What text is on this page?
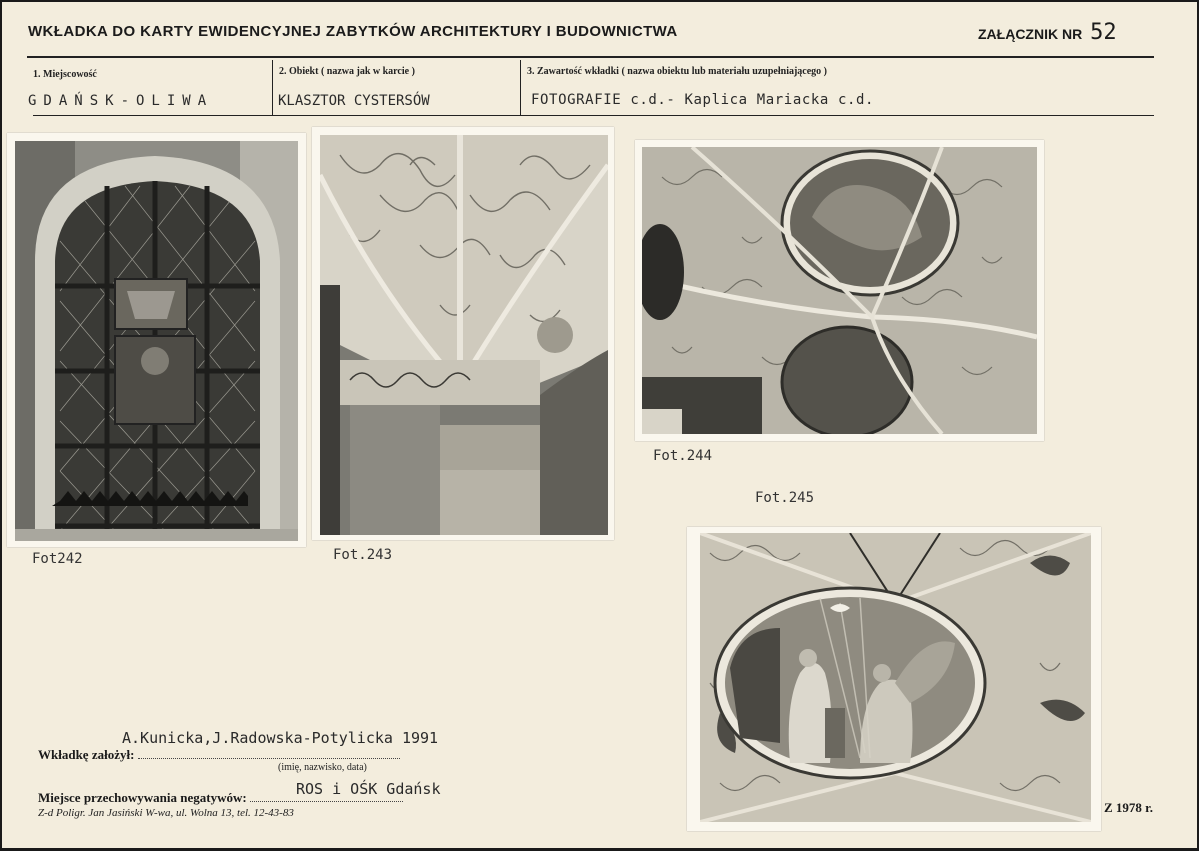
WKŁADKA DO KARTY EWIDENCYJNEJ ZABYTKÓW ARCHITEKTURY I BUDOWNICTWA	ZAŁĄCZNIK NR 52
1. Miejscowość	2. Obiekt ( nazwa jak w karcie )	3. Zawartość wkładki ( nazwa obiektu lub materiału uzupełniającego )
GDAŃSK-OLIWA	KLASZTOR CYSTERSÓW	FOTOGRAFIE c.d.- Kaplica Mariacka c.d.
Fot242	Fot.243
Fot.244
Fot.245
A.Kunicka,J.Radowska-Potylicka 1991
Wkładkę założył:
(imię, nazwisko, data)
ROS i OŚK Gdańsk
Miejsce przechowywania negatywów:
Z-d Poligr. Jan Jasiński W-wa, ul. Wolna 13, tel. 12-43-83	Z 1978 r.
